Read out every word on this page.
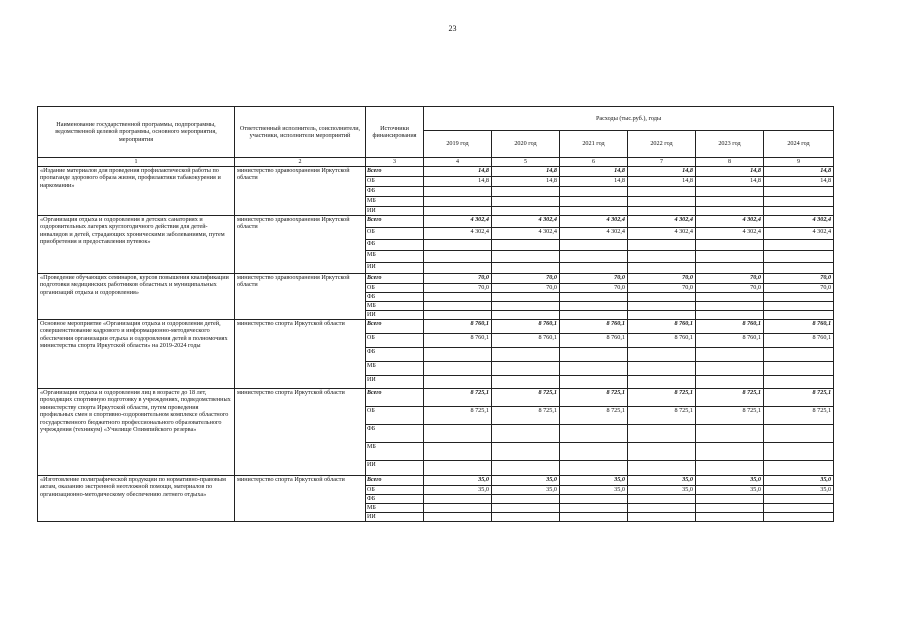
23
Наименование государственной программы, подпрограммы, ведомственной целевой программы, основного мероприятия, мероприятия	Ответственный исполнитель, соисполнители, участники, исполнители мероприятий	Источники финансирования	Расходы (тыс.руб.), годы					
			2019 год	2020 год	2021 год	2022 год	2023 год	2024 год
1	2	3	4	5	6	7	8	9
«Издание материалов для проведения профилактической работы по пропаганде здорового образа жизни, профилактики табакокурения и наркомании»	министерство здравоохранения Иркутской области	Всего	14,8	14,8	14,8	14,8	14,8	14,8
		ОБ	14,8	14,8	14,8	14,8	14,8	14,8
		ФБ						
		МБ						
		ИИ						
«Организация отдыха и оздоровления в детских санаториях и оздоровительных лагерях круглогодичного действия для детей-инвалидов и детей, страдающих хроническими заболеваниями, путем приобретения и предоставления путевок»	министерство здравоохранения Иркутской области	Всего	4 302,4	4 302,4	4 302,4	4 302,4	4 302,4	4 302,4
		ОБ	4 302,4	4 302,4	4 302,4	4 302,4	4 302,4	4 302,4
		ФБ						
		МБ						
		ИИ						
«Проведение обучающих семинаров, курсов повышения квалификации подготовки медицинских работников областных и муниципальных организаций отдыха и оздоровления»	министерство здравоохранения Иркутской области	Всего	70,0	70,0	70,0	70,0	70,0	70,0
		ОБ	70,0	70,0	70,0	70,0	70,0	70,0
		ФБ						
		МБ						
		ИИ						
Основное мероприятие «Организация отдыха и оздоровления детей, совершенствование кадрового и информационно-методического обеспечения организации отдыха и оздоровления детей в полномочиях министерства спорта Иркутской области» на 2019-2024 годы	министерство спорта Иркутской области	Всего	8 760,1	8 760,1	8 760,1	8 760,1	8 760,1	8 760,1
		ОБ	8 760,1	8 760,1	8 760,1	8 760,1	8 760,1	8 760,1
		ФБ						
		МБ						
		ИИ						
«Организация отдыха и оздоровления лиц в возрасте до 18 лет, проходящих спортивную подготовку в учреждениях, подведомственных министерству спорта Иркутской области, путем проведения профильных смен в спортивно-оздоровительном комплексе областного государственного бюджетного профессионального образовательного учреждения (техникум) «Училище Олимпийского резерва»	министерство спорта Иркутской области	Всего	8 725,1	8 725,1	8 725,1	8 725,1	8 725,1	8 725,1
		ОБ	8 725,1	8 725,1	8 725,1	8 725,1	8 725,1	8 725,1
		ФБ						
		МБ						
		ИИ						
«Изготовление полиграфической продукции по нормативно-правовым актам, оказанию экстренной неотложной помощи, материалов по организационно-методическому обеспечению летнего отдыха»	министерство спорта Иркутской области	Всего	35,0	35,0	35,0	35,0	35,0	35,0
		ОБ	35,0	35,0	35,0	35,0	35,0	35,0
		ФБ						
		МБ						
		ИИ						
